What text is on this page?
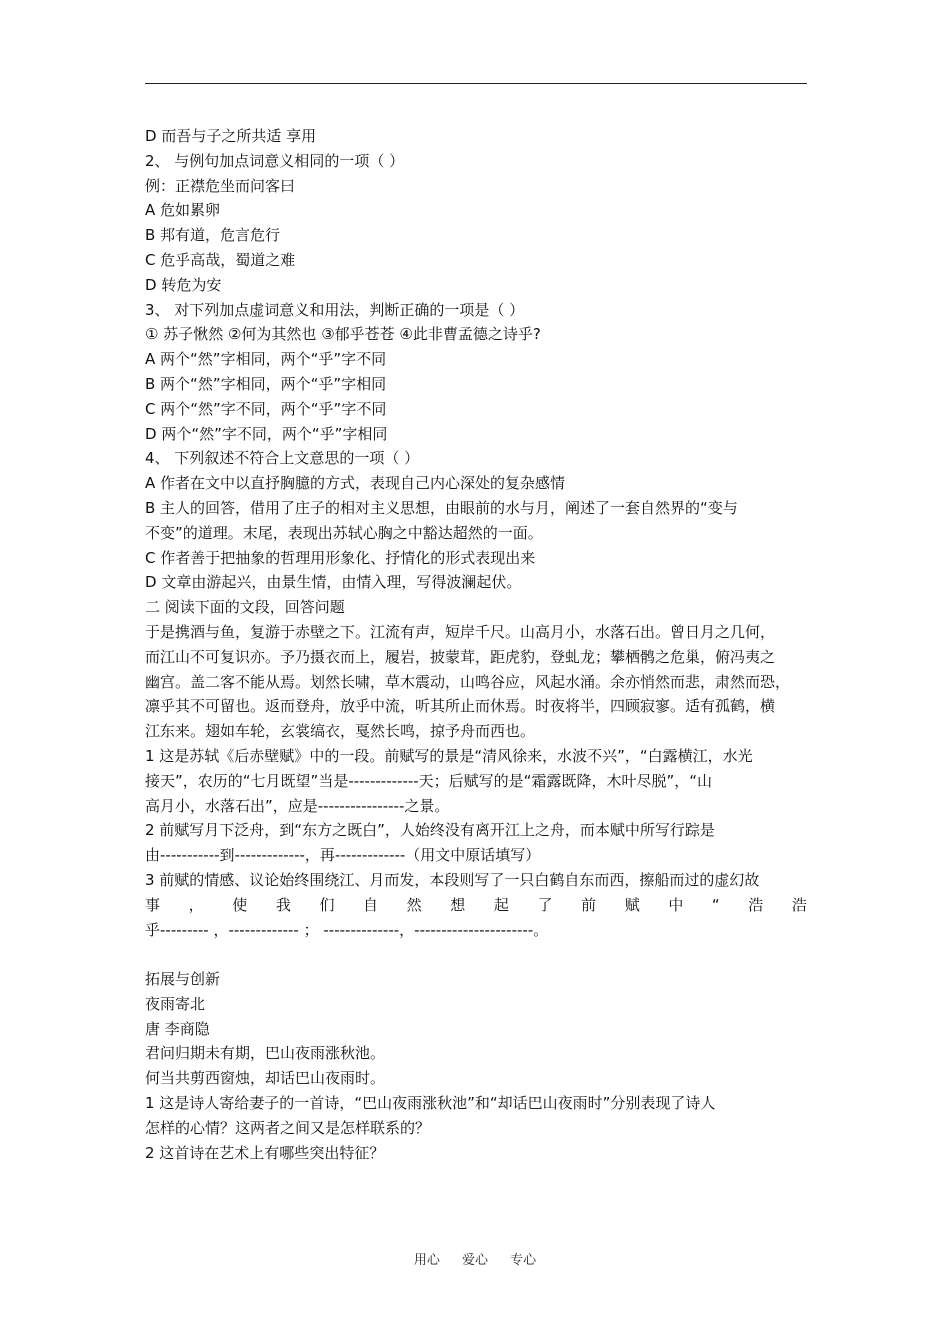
D 而吾与子之所共适 享用
2、 与例句加点词意义相同的一项（ ）
例：正襟危坐而问客曰
A 危如累卵
B 邦有道，危言危行
C 危乎高哉，蜀道之难
D 转危为安
3、 对下列加点虚词意义和用法，判断正确的一项是（ ）
① 苏子愀然 ②何为其然也 ③郁乎苍苍 ④此非曹孟德之诗乎?
A 两个“然”字相同，两个“乎”字不同
B 两个“然”字相同，两个“乎”字相同
C 两个“然”字不同，两个“乎”字不同
D 两个“然”字不同，两个“乎”字相同
4、 下列叙述不符合上文意思的一项（ ）
A 作者在文中以直抒胸臆的方式，表现自己内心深处的复杂感情
B 主人的回答，借用了庄子的相对主义思想，由眼前的水与月，阐述了一套自然界的“变与
不变”的道理。末尾，表现出苏轼心胸之中豁达超然的一面。
C 作者善于把抽象的哲理用形象化、抒情化的形式表现出来
D 文章由游起兴，由景生情，由情入理，写得波澜起伏。
二 阅读下面的文段，回答问题
于是携酒与鱼，复游于赤壁之下。江流有声，短岸千尺。山高月小，水落石出。曾日月之几何，
而江山不可复识亦。予乃摄衣而上，履岩，披蒙茸，距虎豹，登虬龙；攀栖鹘之危巢，俯冯夷之
幽宫。盖二客不能从焉。划然长啸，草木震动，山鸣谷应，风起水涌。余亦悄然而悲，肃然而恐，
凛乎其不可留也。返而登舟，放乎中流，听其所止而休焉。时夜将半，四顾寂寥。适有孤鹤，横
江东来。翅如车轮，玄裳缟衣，戛然长鸣，掠予舟而西也。
1 这是苏轼《后赤壁赋》中的一段。前赋写的景是“清风徐来，水波不兴”，“白露横江，水光
接天”，农历的“七月既望”当是-------------天；后赋写的是“霜露既降，木叶尽脱”，“山
高月小，水落石出”，应是----------------之景。
2 前赋写月下泛舟，到“东方之既白”，人始终没有离开江上之舟，而本赋中所写行踪是
由-----------到-------------，再-------------（用文中原话填写）
3 前赋的情感、议论始终围绕江、月而发，本段则写了一只白鹤自东而西，擦船而过的虚幻故
事 ， 使 我 们 自 然 想 起 了 前 赋 中 “ 浩 浩
乎--------- ，------------- ； --------------，----------------------。
拓展与创新
夜雨寄北
唐 李商隐
君问归期未有期，巴山夜雨涨秋池。
何当共剪西窗烛，却话巴山夜雨时。
1 这是诗人寄给妻子的一首诗，“巴山夜雨涨秋池”和“却话巴山夜雨时”分别表现了诗人
怎样的心情？这两者之间又是怎样联系的？
2 这首诗在艺术上有哪些突出特征？
用心 爱心 专心
